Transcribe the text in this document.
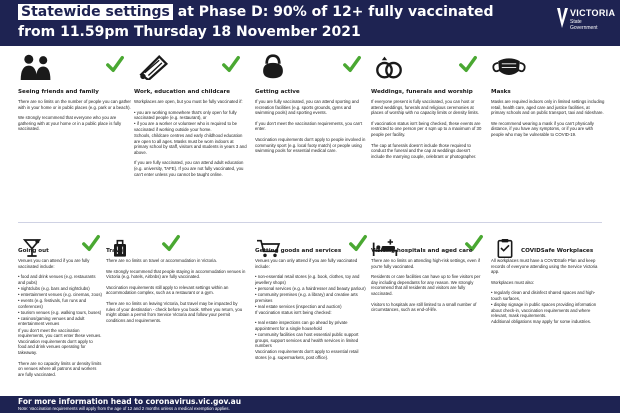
Statewide settings at Phase D: 90% of 12+ fully vaccinated
from 11.59pm Thursday 18 November 2021
VICTORIA
State
Government
Seeing friends and family

There are no limits on the number of people you can gather with in your home or in public places (e.g. park or a beach).

We strongly recommend that everyone who you are gathering with at your home or in a public place is fully vaccinated.

Work, education and childcare

Workplaces are open, but you must be fully vaccinated if:

• you are working somewhere that's only open for fully vaccinated people (e.g. restaurant), or

• if you are a worker or volunteer who is required to be vaccinated if working outside your home.

Schools, childcare centres and early childhood education are open to all ages. Masks must be worn indoors at primary school by staff, visitors and students in years 3 and above.

If you are fully vaccinated, you can attend adult education (e.g. university, TAFE). If you are not fully vaccinated, you can't enter unless you cannot be taught online.

Getting active

If you are fully vaccinated, you can attend sporting and recreation facilities (e.g. sports grounds, gyms and swimming pools) and sporting events.

If you don't meet the vaccination requirements, you can't enter.

Vaccination requirements don't apply to people involved in community sport (e.g. local footy match) or people using swimming pools for essential medical care.

Weddings, funerals and worship

If everyone present is fully vaccinated, you can host or attend weddings, funerals and religious ceremonies at places of worship with no capacity limits or density limits.

If vaccination status isn't being checked, these events are restricted to one person per 4 sqm up to a maximum of 30 people per facility.

The cap at funerals doesn't include those required to conduct the funeral and the cap at weddings doesn't include the marrying couple, celebrant or photographer.

Masks

Masks are required indoors only in limited settings including retail, health care, aged care and justice facilities, at primary schools and on public transport, taxi and rideshare.

We recommend wearing a mask if you can't physically distance, if you have any symptoms, or if you are with people who may be vulnerable to COVID-19.

Going out

Venues you can attend if you are fully vaccinated include:

• food and drink venues (e.g. restaurants and pubs)

• nightclubs (e.g. bars and nightclubs)

• entertainment venues (e.g. cinemas, zoos)

• events (e.g. festivals, fun runs and conferences)

• tourism venues (e.g. walking tours, buses)

• casinos/gaming venues and adult entertainment venues

If you don't meet the vaccination requirements, you can't enter these venues. Vaccination requirements don't apply to food and drink venues operating for takeaway.

There are no capacity limits or density limits on venues where all patrons and workers are fully vaccinated.

Travel

There are no limits on travel or accommodation in Victoria.

We strongly recommend that people staying in accommodation venues in Victoria (e.g. hotels, Airbnbs) are fully vaccinated.

Vaccination requirements still apply to relevant settings within an accommodation complex, such as a restaurant or a gym.

There are no limits on leaving Victoria, but travel may be impacted by rules of your destination - check before you book. When you return, you might obtain a permit from Service Victoria and follow your permit conditions and requirements.

Getting goods and services

Venues you can only attend if you are fully vaccinated include:

• non-essential retail stores (e.g. book, clothes, toy and jewellery shops)

• personal services (e.g. a hairdresser and beauty parlour)

• community premises (e.g. a library) and creative arts premises

• real estate services (inspection and auction)

If vaccination status isn't being checked:

• real estate inspections can go ahead by private appointment for a single household

• community facilities can host essential public support groups, support services and health services in limited numbers

Vaccination requirements don't apply to essential retail stores (e.g. supermarkets, post office).

Visiting hospitals and aged care

There are no limits on attending high-risk settings, even if you're fully vaccinated.

Residents or care facilities can have up to five visitors per day including dependants for any reason. We strongly recommend that all residents and visitors are fully vaccinated.

Visitors to hospitals are still limited to a small number of circumstances, such as end-of-life.

COVIDSafe Workplaces

All workplaces must have a COVIDSafe Plan and keep records of everyone attending using the Service Victoria app.

Workplaces must also:

• regularly clean and disinfect shared spaces and high-touch surfaces,

• display signage in public spaces providing information about check-in, vaccination requirements and where relevant, mask requirements.

Additional obligations may apply for some industries.

For more information head to coronavirus.vic.gov.au
Note: Vaccination requirements will apply from the age of 12 and 2 months unless a medical exemption applies.
